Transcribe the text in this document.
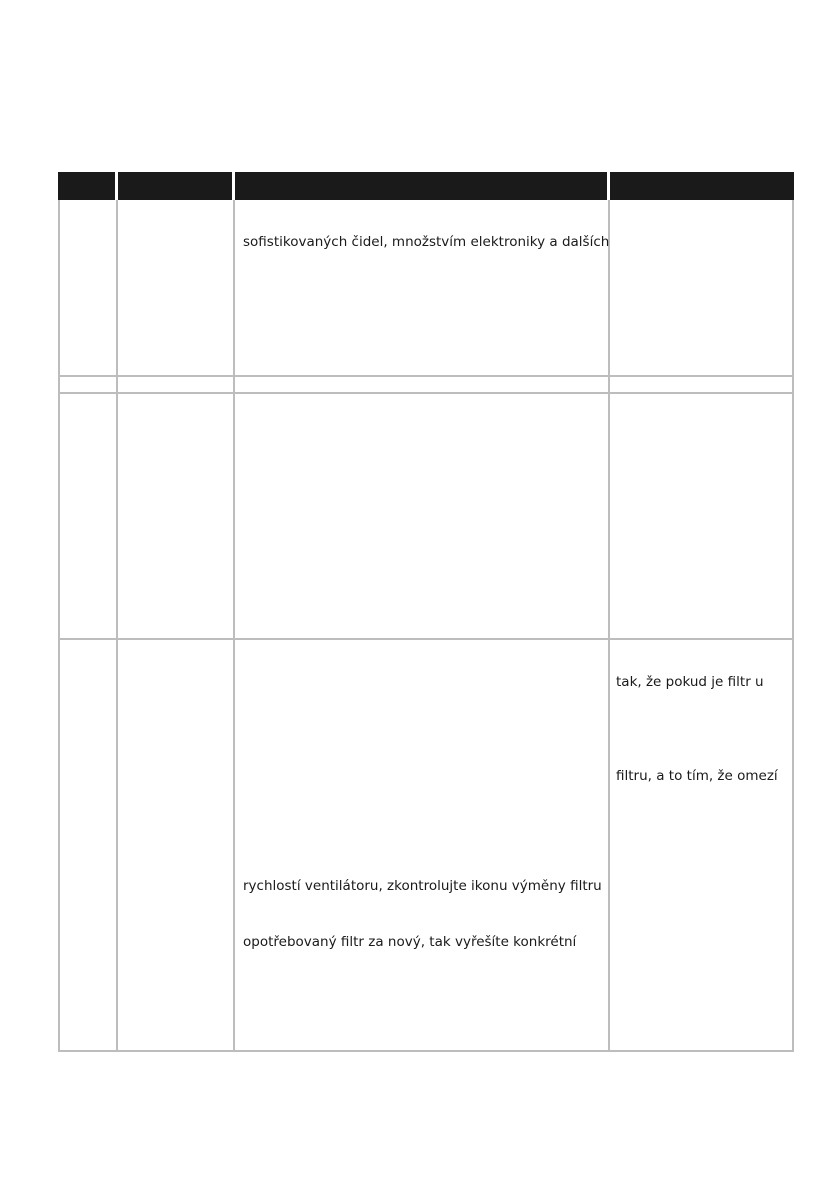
sofistikovaných čidel, množstvím elektroniky a dalších
rychlostí ventilátoru, zkontrolujte ikonu výměny filtru
opotřebovaný filtr za nový, tak vyřešíte konkrétní
tak, že pokud je filtr u
filtru, a to tím, že omezí
